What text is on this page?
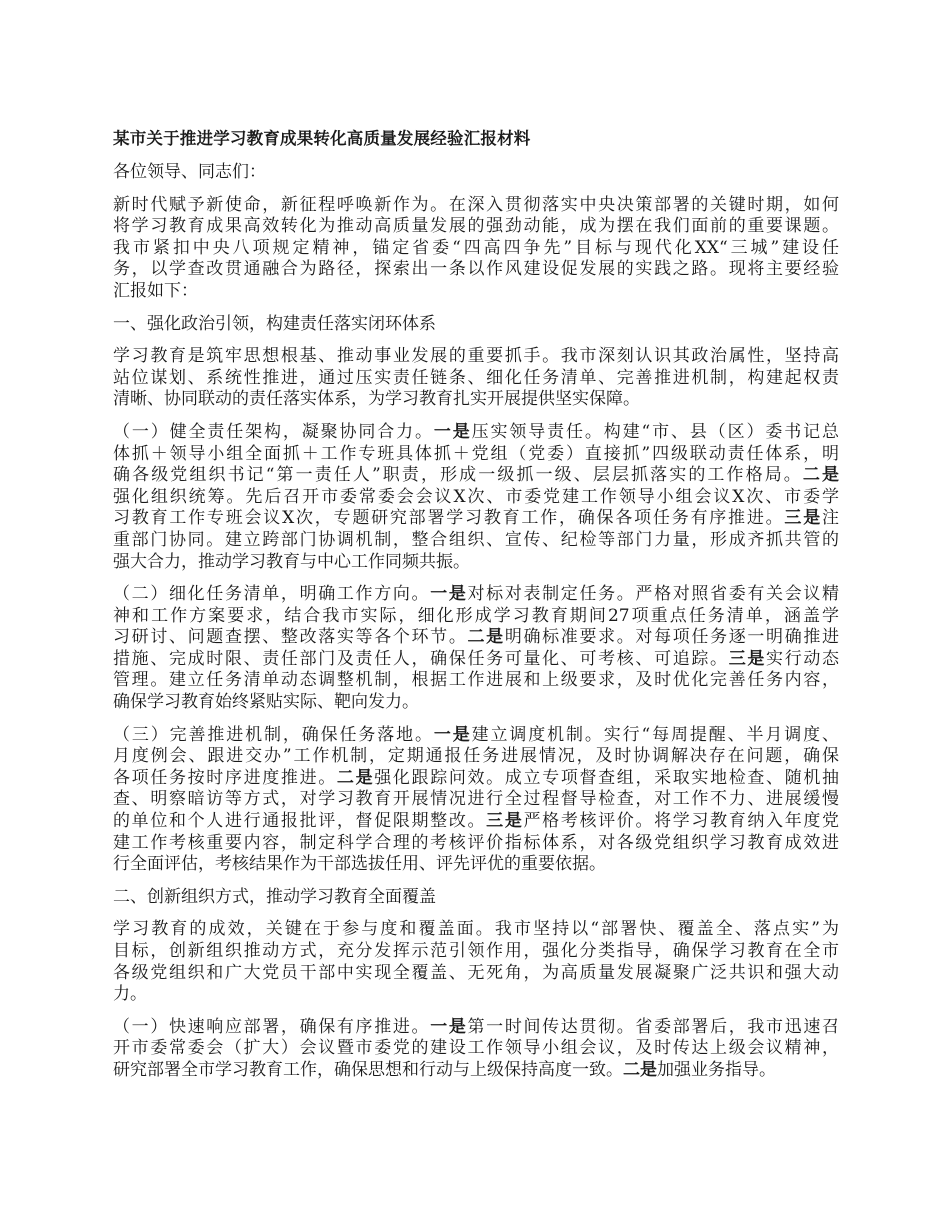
某市关于推进学习教育成果转化高质量发展经验汇报材料
各位领导、同志们：
新时代赋予新使命，新征程呼唤新作为。在深入贯彻落实中央决策部署的关键时期，如何
将学习教育成果高效转化为推动高质量发展的强劲动能，成为摆在我们面前的重要课题。
我市紧扣中央八项规定精神，锚定省委“四高四争先”目标与现代化XX“三城”建设任
务，以学查改贯通融合为路径，探索出一条以作风建设促发展的实践之路。现将主要经验
汇报如下：
一、强化政治引领，构建责任落实闭环体系
学习教育是筑牢思想根基、推动事业发展的重要抓手。我市深刻认识其政治属性，坚持高
站位谋划、系统性推进，通过压实责任链条、细化任务清单、完善推进机制，构建起权责
清晰、协同联动的责任落实体系，为学习教育扎实开展提供坚实保障。
（一）健全责任架构，凝聚协同合力。一是压实领导责任。构建“市、县（区）委书记总
体抓＋领导小组全面抓＋工作专班具体抓＋党组（党委）直接抓”四级联动责任体系，明
确各级党组织书记“第一责任人”职责，形成一级抓一级、层层抓落实的工作格局。二是
强化组织统筹。先后召开市委常委会会议X次、市委党建工作领导小组会议X次、市委学
习教育工作专班会议X次，专题研究部署学习教育工作，确保各项任务有序推进。三是注
重部门协同。建立跨部门协调机制，整合组织、宣传、纪检等部门力量，形成齐抓共管的
强大合力，推动学习教育与中心工作同频共振。
（二）细化任务清单，明确工作方向。一是对标对表制定任务。严格对照省委有关会议精
神和工作方案要求，结合我市实际，细化形成学习教育期间27项重点任务清单，涵盖学
习研讨、问题查摆、整改落实等各个环节。二是明确标准要求。对每项任务逐一明确推进
措施、完成时限、责任部门及责任人，确保任务可量化、可考核、可追踪。三是实行动态
管理。建立任务清单动态调整机制，根据工作进展和上级要求，及时优化完善任务内容，
确保学习教育始终紧贴实际、靶向发力。
（三）完善推进机制，确保任务落地。一是建立调度机制。实行“每周提醒、半月调度、
月度例会、跟进交办”工作机制，定期通报任务进展情况，及时协调解决存在问题，确保
各项任务按时序进度推进。二是强化跟踪问效。成立专项督查组，采取实地检查、随机抽
查、明察暗访等方式，对学习教育开展情况进行全过程督导检查，对工作不力、进展缓慢
的单位和个人进行通报批评，督促限期整改。三是严格考核评价。将学习教育纳入年度党
建工作考核重要内容，制定科学合理的考核评价指标体系，对各级党组织学习教育成效进
行全面评估，考核结果作为干部选拔任用、评先评优的重要依据。
二、创新组织方式，推动学习教育全面覆盖
学习教育的成效，关键在于参与度和覆盖面。我市坚持以“部署快、覆盖全、落点实”为
目标，创新组织推动方式，充分发挥示范引领作用，强化分类指导，确保学习教育在全市
各级党组织和广大党员干部中实现全覆盖、无死角，为高质量发展凝聚广泛共识和强大动
力。
（一）快速响应部署，确保有序推进。一是第一时间传达贯彻。省委部署后，我市迅速召
开市委常委会（扩大）会议暨市委党的建设工作领导小组会议，及时传达上级会议精神，
研究部署全市学习教育工作，确保思想和行动与上级保持高度一致。二是加强业务指导。
